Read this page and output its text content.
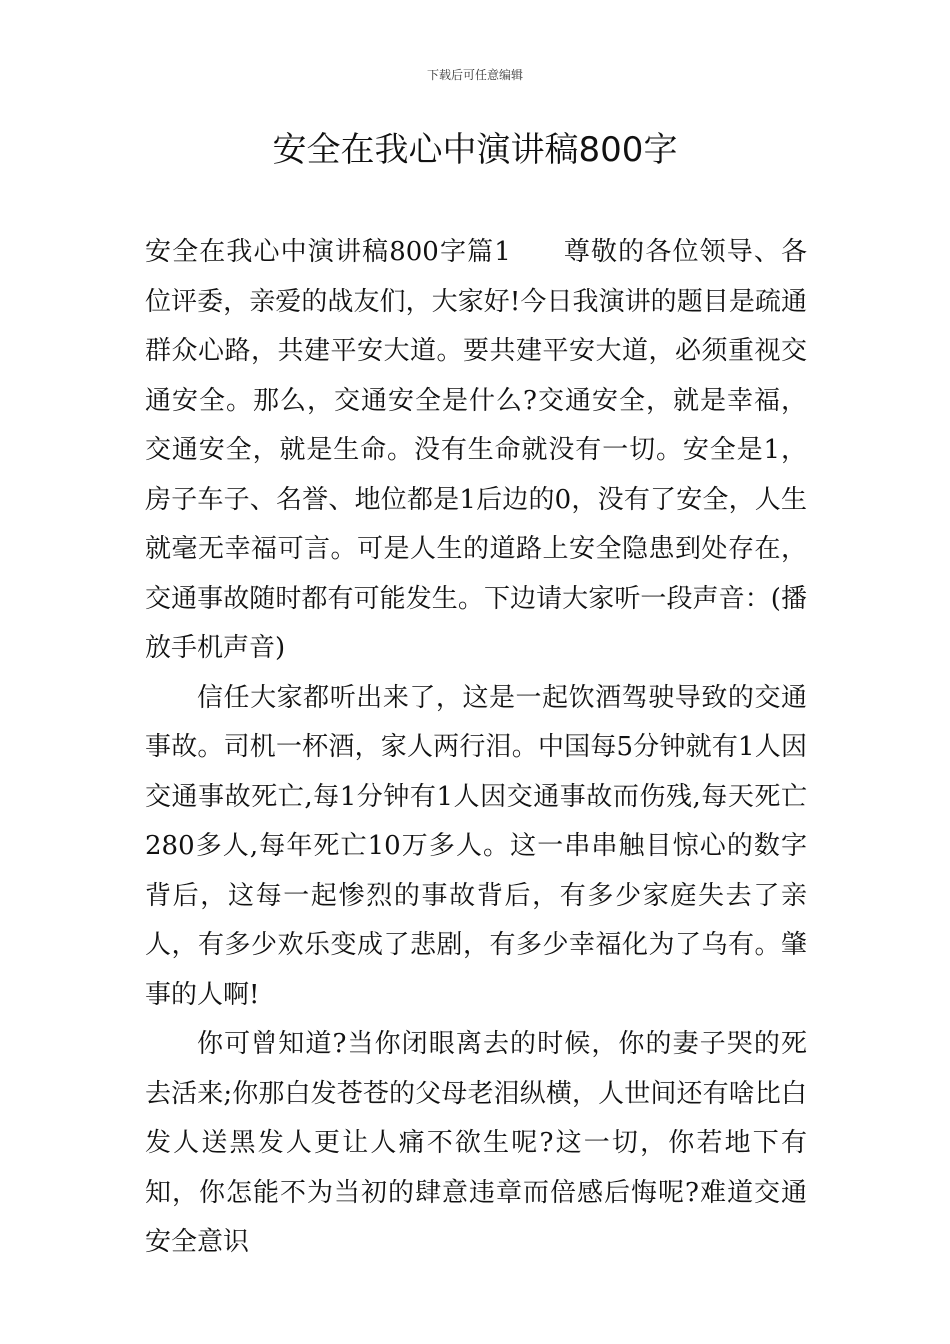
下载后可任意编辑
安全在我心中演讲稿800字

安全在我心中演讲稿800字篇1 尊敬的各位领导、各位评委，亲爱的战友们，大家好!今日我演讲的题目是疏通群众心路，共建平安大道。要共建平安大道，必须重视交通安全。那么，交通安全是什么?交通安全，就是幸福，交通安全，就是生命。没有生命就没有一切。安全是1，房子车子、名誉、地位都是1后边的0，没有了安全，人生就毫无幸福可言。可是人生的道路上安全隐患到处存在，交通事故随时都有可能发生。下边请大家听一段声音：(播放手机声音)

信任大家都听出来了，这是一起饮酒驾驶导致的交通事故。司机一杯酒，家人两行泪。中国每5分钟就有1人因交通事故死亡,每1分钟有1人因交通事故而伤残,每天死亡280多人,每年死亡10万多人。这一串串触目惊心的数字背后，这每一起惨烈的事故背后，有多少家庭失去了亲人，有多少欢乐变成了悲剧，有多少幸福化为了乌有。肇事的人啊!

你可曾知道?当你闭眼离去的时候，你的妻子哭的死去活来;你那白发苍苍的父母老泪纵横，人世间还有啥比白发人送黑发人更让人痛不欲生呢?这一切，你若地下有知，你怎能不为当初的肆意违章而倍感后悔呢?难道交通安全意识
